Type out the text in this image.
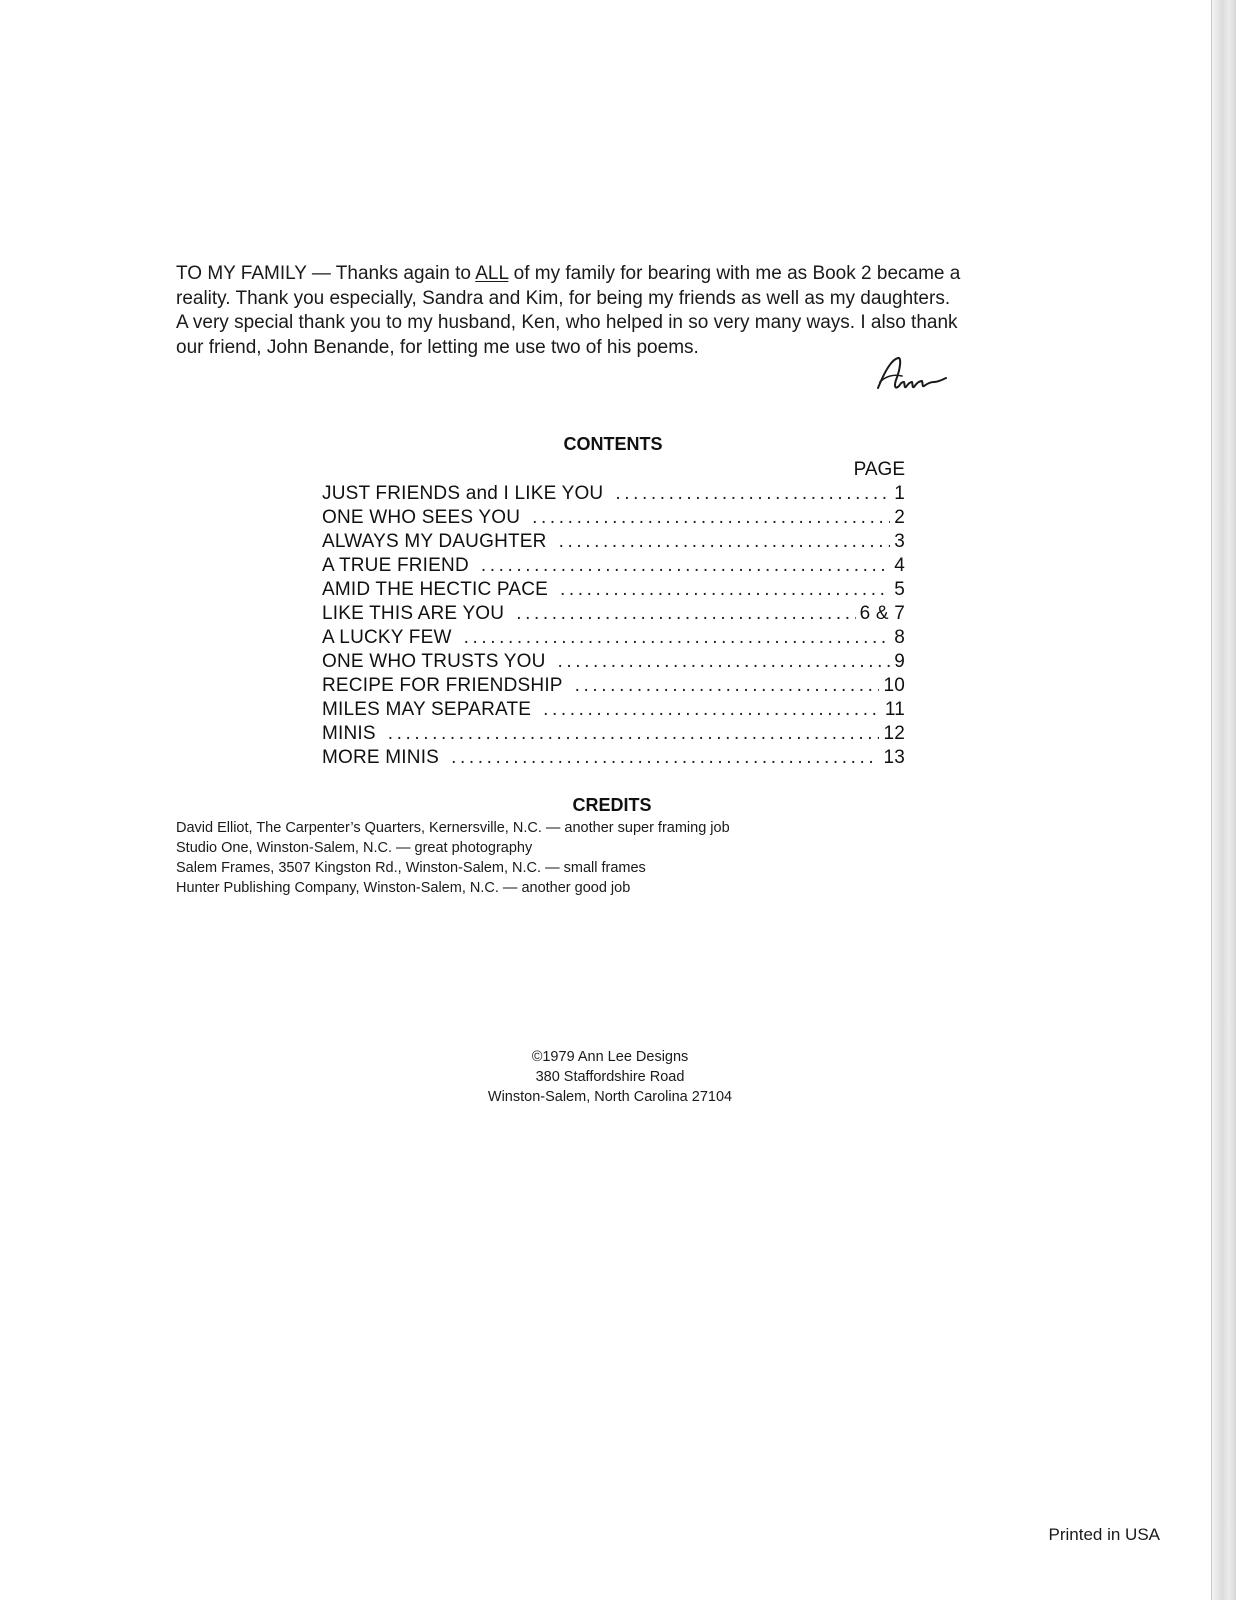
TO MY FAMILY — Thanks again to ALL of my family for bearing with me as Book 2 became a

reality. Thank you especially, Sandra and Kim, for being my friends as well as my daughters.

A very special thank you to my husband, Ken, who helped in so very many ways. I also thank

our friend, John Benande, for letting me use two of his poems.

CONTENTS
PAGE
JUST FRIENDS and I LIKE YOU .....	1
ONE WHO SEES YOU .....	2
ALWAYS MY DAUGHTER .....	3
A TRUE FRIEND .....	4
AMID THE HECTIC PACE .....	5
LIKE THIS ARE YOU .....	6 & 7
A LUCKY FEW .....	8
ONE WHO TRUSTS YOU .....	9
RECIPE FOR FRIENDSHIP .....	10
MILES MAY SEPARATE .....	11
MINIS .....	12
MORE MINIS .....	13
CREDITS
David Elliot, The Carpenter’s Quarters, Kernersville, N.C. — another super framing job
Studio One, Winston-Salem, N.C. — great photography
Salem Frames, 3507 Kingston Rd., Winston-Salem, N.C. — small frames
Hunter Publishing Company, Winston-Salem, N.C. — another good job
©1979 Ann Lee Designs
380 Staffordshire Road
Winston-Salem, North Carolina 27104
Printed in USA
